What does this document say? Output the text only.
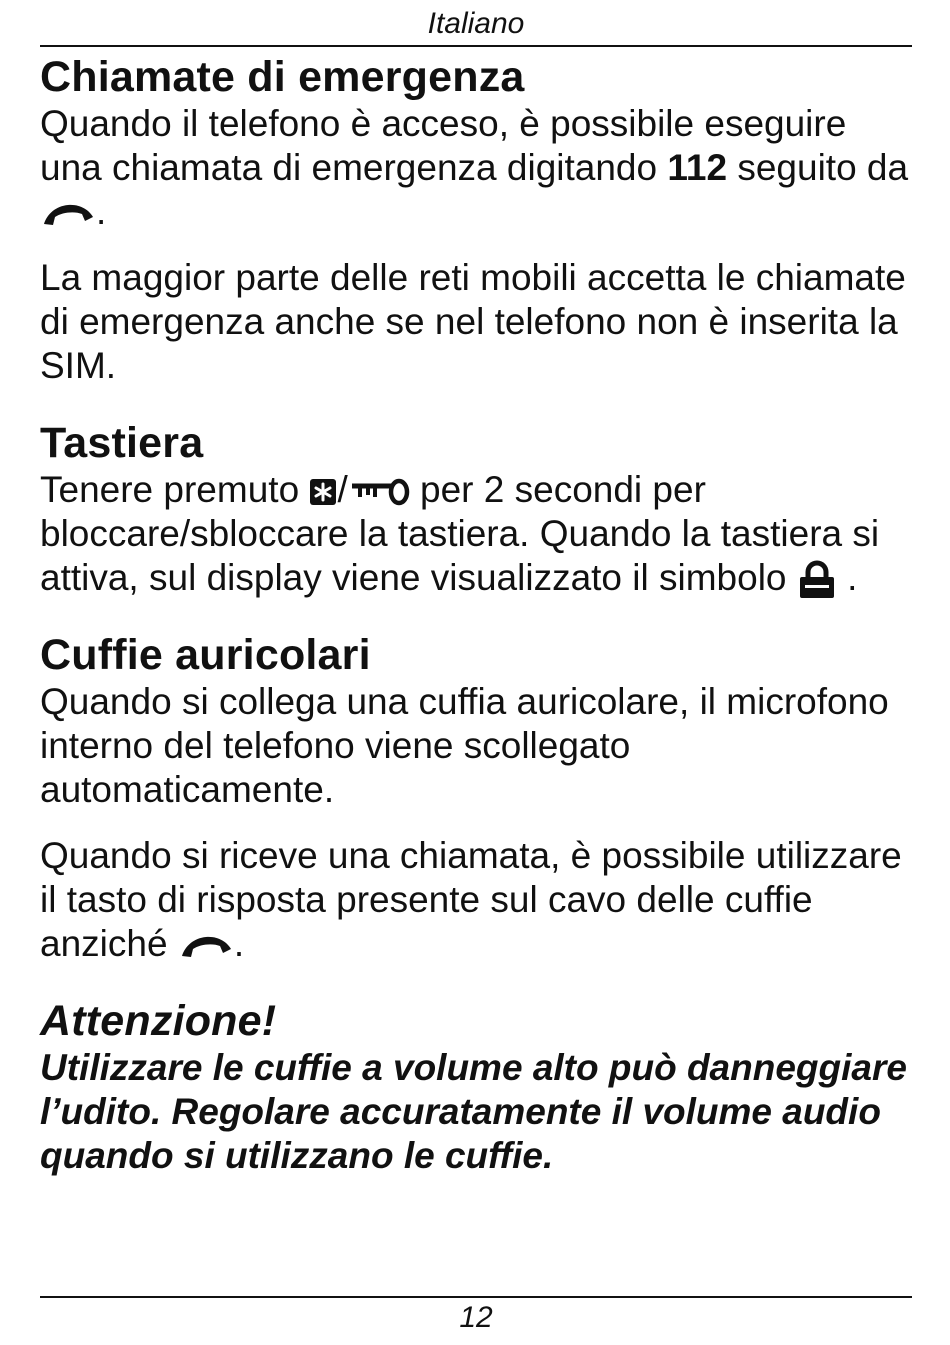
Italiano
Chiamate di emergenza

Quando il telefono è acceso, è possibile eseguire una chiamata di emergenza digitando 112 seguito da
.

La maggior parte delle reti mobili accetta le chiamate di emergenza anche se nel telefono non è inserita la SIM.

Tastiera

Tenere premuto / per 2 secondi per bloccare/sbloccare la tastiera. Quando la tastiera si attiva, sul display viene visualizzato il simbolo .

Cuffie auricolari

Quando si collega una cuffia auricolare, il microfono interno del telefono viene scollegato automaticamente.

Quando si riceve una chiamata, è possibile utilizzare il tasto di risposta presente sul cavo delle cuffie anziché .

Attenzione!

Utilizzare le cuffie a volume alto può danneggiare l’udito. Regolare accuratamente il volume audio quando si utilizzano le cuffie.

12
